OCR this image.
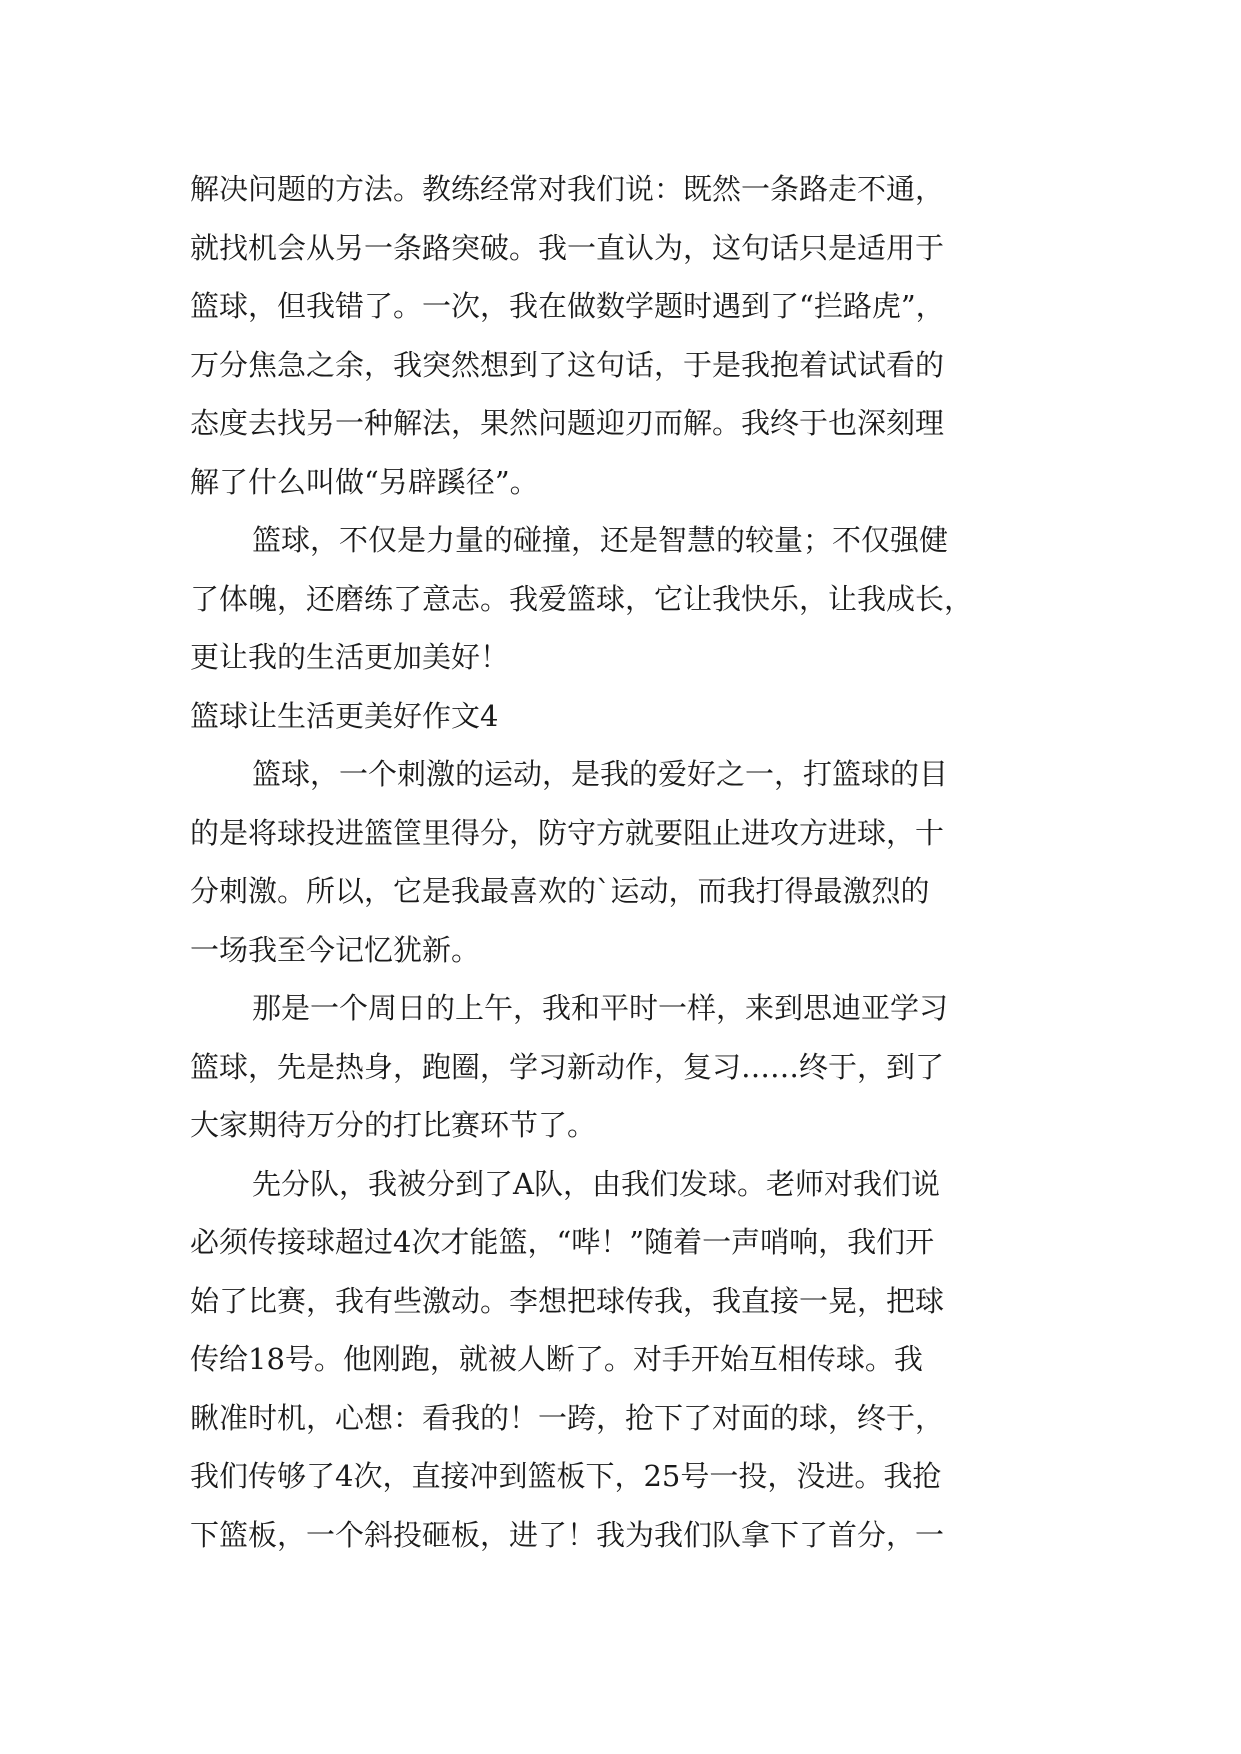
解决问题的方法。教练经常对我们说：既然一条路走不通，
就找机会从另一条路突破。我一直认为，这句话只是适用于
篮球，但我错了。一次，我在做数学题时遇到了“拦路虎”，
万分焦急之余，我突然想到了这句话，于是我抱着试试看的
态度去找另一种解法，果然问题迎刃而解。我终于也深刻理
解了什么叫做“另辟蹊径”。
篮球，不仅是力量的碰撞，还是智慧的较量；不仅强健
了体魄，还磨练了意志。我爱篮球，它让我快乐，让我成长，
更让我的生活更加美好！
篮球让生活更美好作文4
篮球，一个刺激的运动，是我的爱好之一，打篮球的目
的是将球投进篮筐里得分，防守方就要阻止进攻方进球，十
分刺激。所以，它是我最喜欢的`运动，而我打得最激烈的
一场我至今记忆犹新。
那是一个周日的上午，我和平时一样，来到思迪亚学习
篮球，先是热身，跑圈，学习新动作，复习……终于，到了
大家期待万分的打比赛环节了。
先分队，我被分到了A队，由我们发球。老师对我们说
必须传接球超过4次才能篮，“哔！”随着一声哨响，我们开
始了比赛，我有些激动。李想把球传我，我直接一晃，把球
传给18号。他刚跑，就被人断了。对手开始互相传球。我
瞅准时机，心想：看我的！一跨，抢下了对面的球，终于，
我们传够了4次，直接冲到篮板下，25号一投，没进。我抢
下篮板，一个斜投砸板，进了！我为我们队拿下了首分，一
